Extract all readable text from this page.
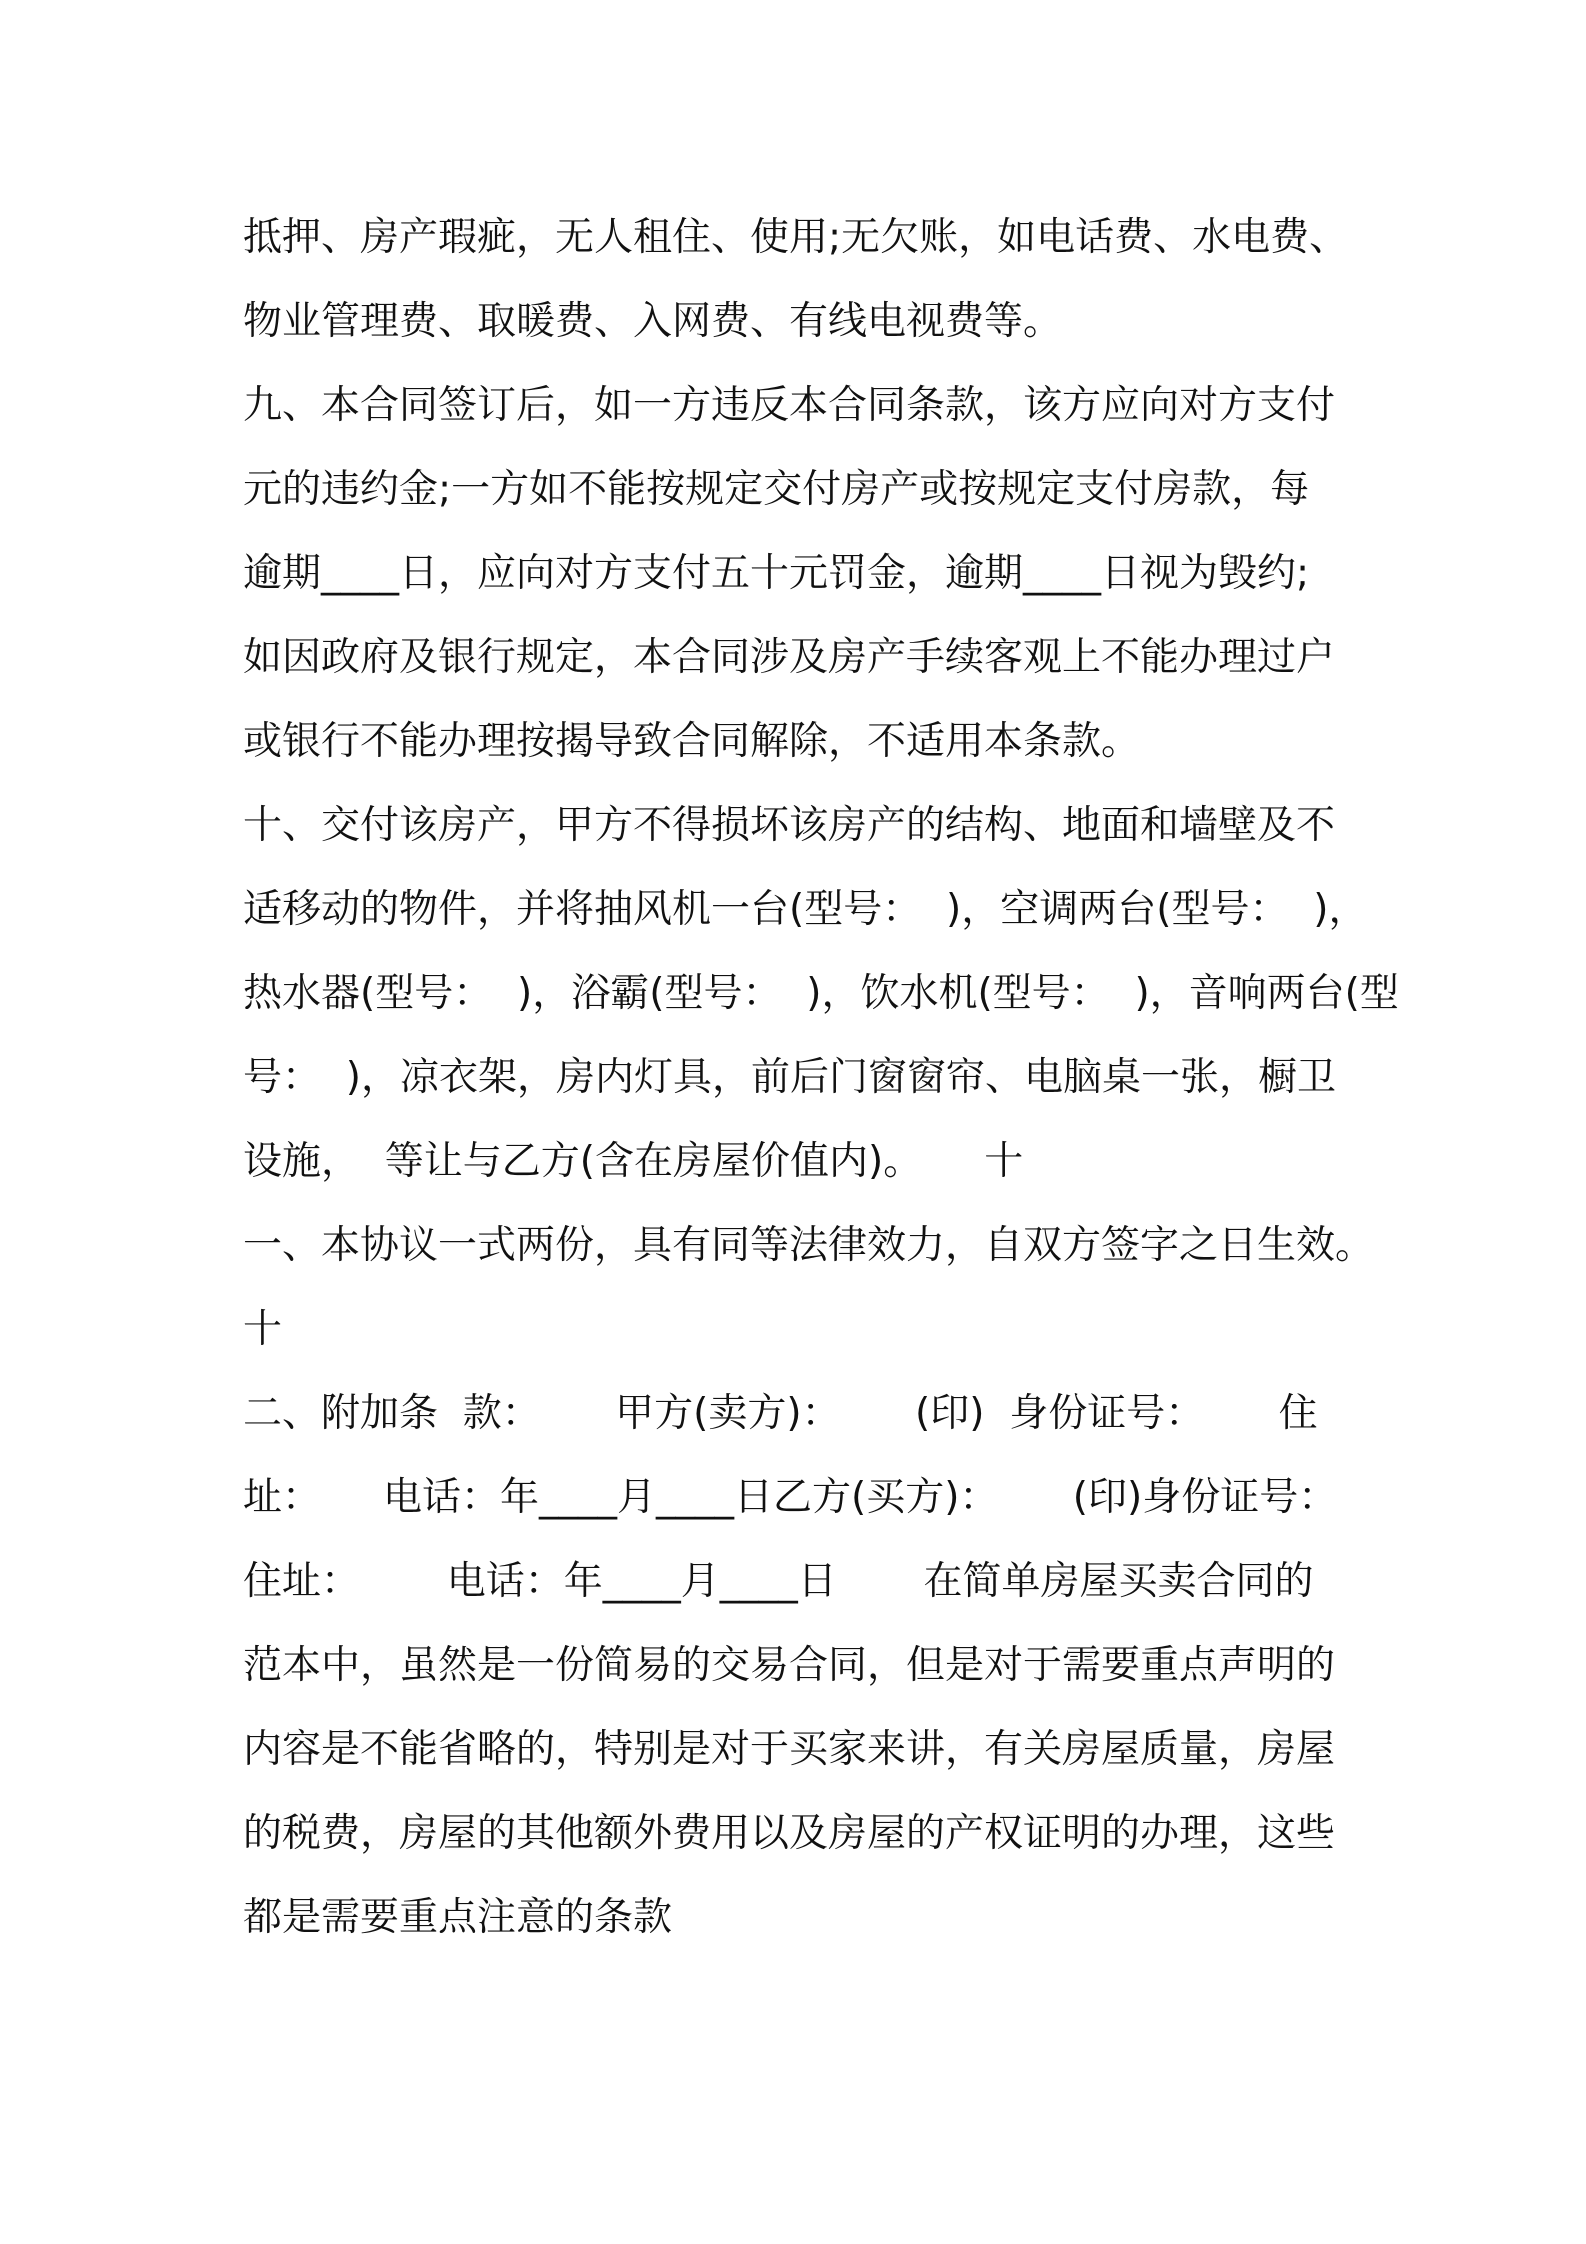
抵押、房产瑕疵，无人租住、使用;无欠账，如电话费、水电费、
物业管理费、取暖费、入网费、有线电视费等。
九、本合同签订后，如一方违反本合同条款，该方应向对方支付
元的违约金;一方如不能按规定交付房产或按规定支付房款，每
逾期____日，应向对方支付五十元罚金，逾期____日视为毁约;
如因政府及银行规定，本合同涉及房产手续客观上不能办理过户
或银行不能办理按揭导致合同解除，不适用本条款。
十、交付该房产，甲方不得损坏该房产的结构、地面和墙壁及不
适移动的物件，并将抽风机一台(型号：  )，空调两台(型号：  )，
热水器(型号：  )，浴霸(型号：  )，饮水机(型号：  )，音响两台(型
号：  )，凉衣架，房内灯具，前后门窗窗帘、电脑桌一张，橱卫
设施，  等让与乙方(含在房屋价值内)。     十
一、本协议一式两份，具有同等法律效力，自双方签字之日生效。
十
二、附加条  款：      甲方(卖方)：      (印)  身份证号：      住
址：     电话：年____月____日乙方(买方)：      (印)身份证号：
住址：       电话：年____月____日       在简单房屋买卖合同的
范本中，虽然是一份简易的交易合同，但是对于需要重点声明的
内容是不能省略的，特别是对于买家来讲，有关房屋质量，房屋
的税费，房屋的其他额外费用以及房屋的产权证明的办理，这些
都是需要重点注意的条款
